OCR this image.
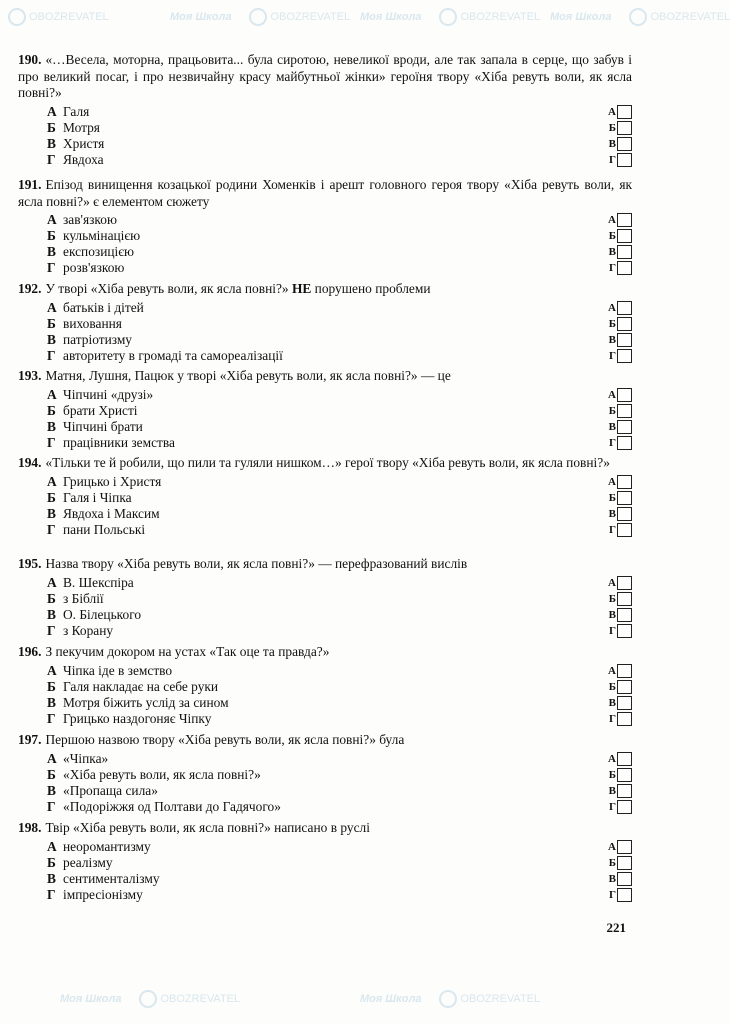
OBOZREVATEL	Моя Школа	OBOZREVATEL Моя Школа	OBOZREVATEL Моя Школа	OBOZREVATEL
Моя Школа	OBOZREVATEL	Моя Школа	OBOZREVATEL

190. «…Весела, моторна, працьовита... була сиротою, невеликої вроди, але так запала в серце, що забув і про великий посаг, і про незвичайну красу майбутньої жінки» героїня твору «Хіба ревуть воли, як ясла повні?»

А Галя	А
Б Мотря	Б
В Христя	В
Г Явдоха	Г

191. Епізод винищення козацької родини Хоменків і арешт головного героя твору «Хіба ревуть воли, як ясла повні?» є елементом сюжету

А зав'язкою	А
Б кульмінацією	Б
В експозицією	В
Г розв'язкою	Г

192. У творі «Хіба ревуть воли, як ясла повні?» НЕ порушено проблеми

А батьків і дітей	А
Б виховання	Б
В патріотизму	В
Г авторитету в громаді та самореалізації	Г

193. Матня, Лушня, Пацюк у творі «Хіба ревуть воли, як ясла повні?» — це

А Чіпчині «друзі»	А
Б брати Христі	Б
В Чіпчині брати	В
Г працівники земства	Г

194. «Тільки те й робили, що пили та гуляли нишком…» герої твору «Хіба ревуть воли, як ясла повні?»

А Грицько і Христя	А
Б Галя і Чіпка	Б
В Явдоха і Максим	В
Г пани Польські	Г

195. Назва твору «Хіба ревуть воли, як ясла повні?» — перефразований вислів

А В. Шекспіра	А
Б з Біблії	Б
В О. Білецького	В
Г з Корану	Г

196. З пекучим докором на устах «Так оце та правда?»

А Чіпка іде в земство	А
Б Галя накладає на себе руки	Б
В Мотря біжить услід за сином	В
Г Грицько наздогоняє Чіпку	Г

197. Першою назвою твору «Хіба ревуть воли, як ясла повні?» була

А «Чіпка»	А
Б «Хіба ревуть воли, як ясла повні?»	Б
В «Пропаща сила»	В
Г «Подоріжжя од Полтави до Гадячого»	Г

198. Твір «Хіба ревуть воли, як ясла повні?» написано в руслі

А неоромантизму	А
Б реалізму	Б
В сентименталізму	В
Г імпресіонізму	Г
221
